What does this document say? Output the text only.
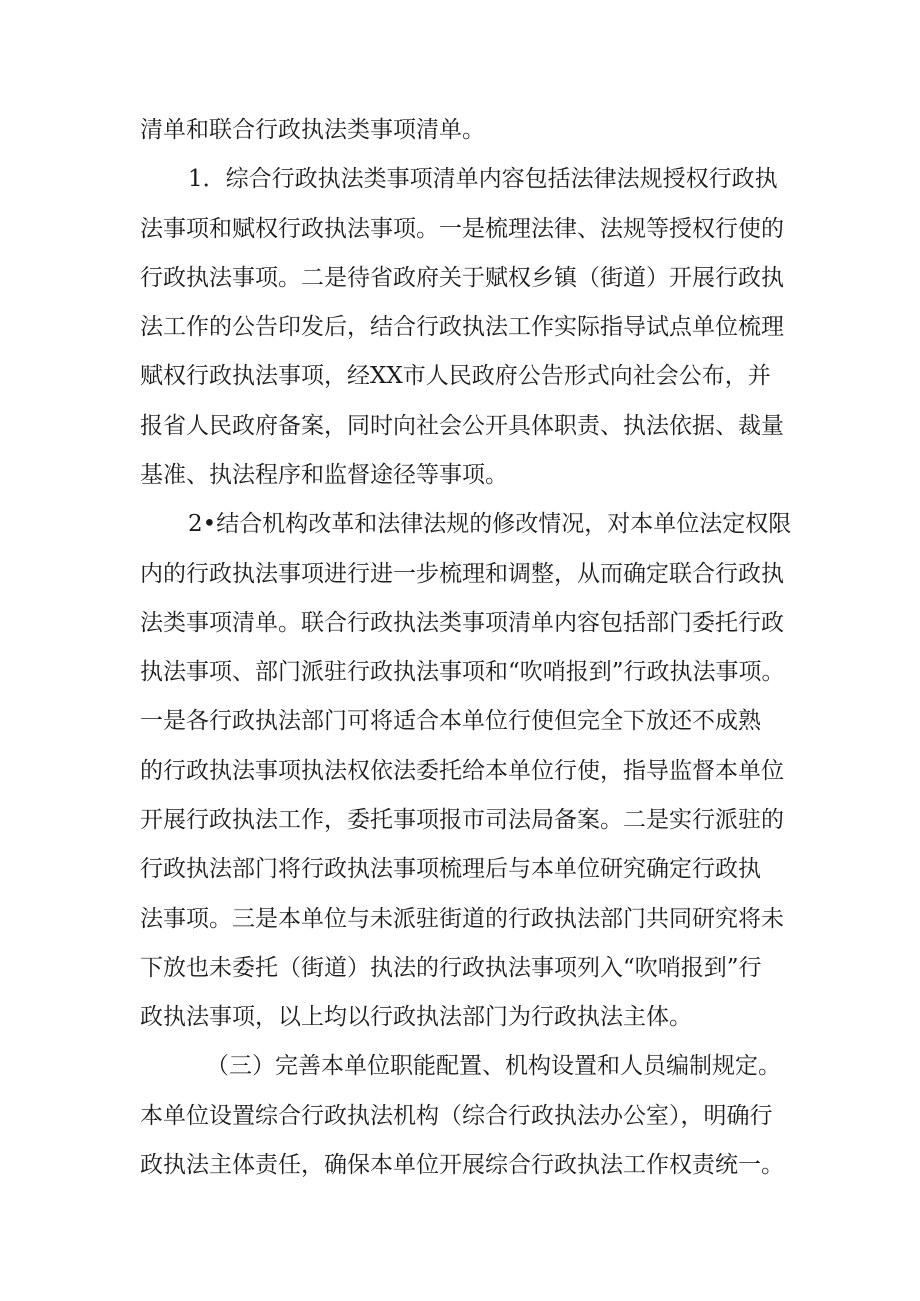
清单和联合行政执法类事项清单。
1．综合行政执法类事项清单内容包括法律法规授权行政执
法事项和赋权行政执法事项。一是梳理法律、法规等授权行使的
行政执法事项。二是待省政府关于赋权乡镇（街道）开展行政执
法工作的公告印发后，结合行政执法工作实际指导试点单位梳理
赋权行政执法事项，经XX市人民政府公告形式向社会公布，并
报省人民政府备案，同时向社会公开具体职责、执法依据、裁量
基准、执法程序和监督途径等事项。
2•结合机构改革和法律法规的修改情况，对本单位法定权限
内的行政执法事项进行进一步梳理和调整，从而确定联合行政执
法类事项清单。联合行政执法类事项清单内容包括部门委托行政
执法事项、部门派驻行政执法事项和“吹哨报到”行政执法事项。
一是各行政执法部门可将适合本单位行使但完全下放还不成熟
的行政执法事项执法权依法委托给本单位行使，指导监督本单位
开展行政执法工作，委托事项报市司法局备案。二是实行派驻的
行政执法部门将行政执法事项梳理后与本单位研究确定行政执
法事项。三是本单位与未派驻街道的行政执法部门共同研究将未
下放也未委托（街道）执法的行政执法事项列入“吹哨报到”行
政执法事项，以上均以行政执法部门为行政执法主体。
（三）完善本单位职能配置、机构设置和人员编制规定。
本单位设置综合行政执法机构（综合行政执法办公室），明确行
政执法主体责任，确保本单位开展综合行政执法工作权责统一。
